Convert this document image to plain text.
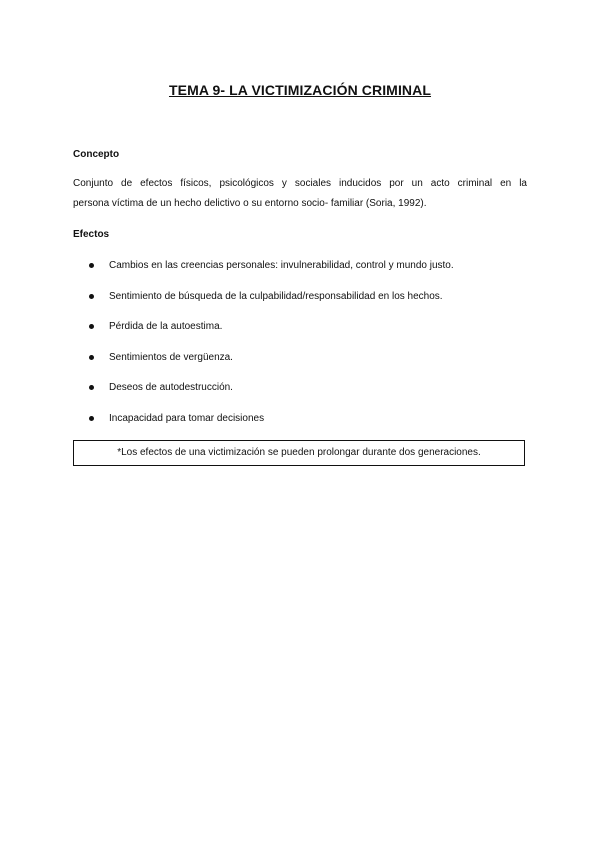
TEMA 9- LA VICTIMIZACIÓN CRIMINAL
Concepto
Conjunto de efectos físicos, psicológicos y sociales inducidos por un acto criminal en la
persona víctima de un hecho delictivo o su entorno socio- familiar (Soria, 1992).
Efectos
Cambios en las creencias personales: invulnerabilidad, control y mundo justo.
Sentimiento de búsqueda de la culpabilidad/responsabilidad en los hechos.
Pérdida de la autoestima.
Sentimientos de vergüenza.
Deseos de autodestrucción.
Incapacidad para tomar decisiones
*Los efectos de una victimización se pueden prolongar durante dos generaciones.
